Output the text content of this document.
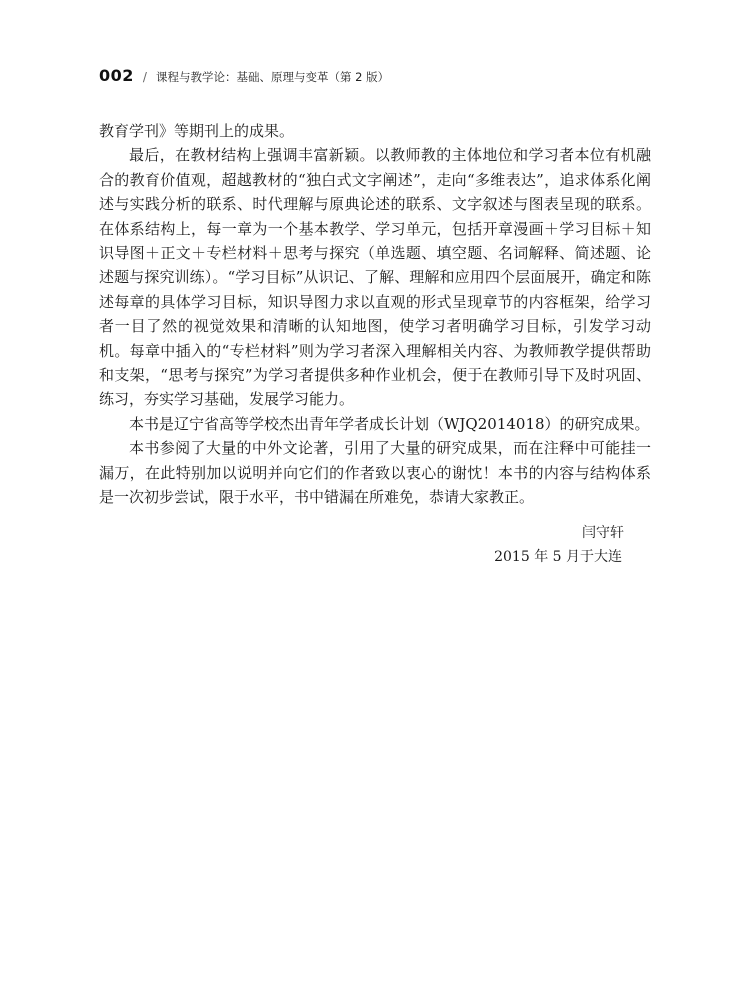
002 / 课程与教学论：基础、原理与变革（第 2 版）

教育学刊》等期刊上的成果。

最后，在教材结构上强调丰富新颖。以教师教的主体地位和学习者本位有机融合的教育价值观，超越教材的“独白式文字阐述”，走向“多维表达”，追求体系化阐述与实践分析的联系、时代理解与原典论述的联系、文字叙述与图表呈现的联系。在体系结构上，每一章为一个基本教学、学习单元，包括开章漫画＋学习目标＋知识导图＋正文＋专栏材料＋思考与探究（单选题、填空题、名词解释、简述题、论述题与探究训练）。“学习目标”从识记、了解、理解和应用四个层面展开，确定和陈述每章的具体学习目标，知识导图力求以直观的形式呈现章节的内容框架，给学习者一目了然的视觉效果和清晰的认知地图，使学习者明确学习目标，引发学习动机。每章中插入的“专栏材料”则为学习者深入理解相关内容、为教师教学提供帮助和支架，“思考与探究”为学习者提供多种作业机会，便于在教师引导下及时巩固、练习，夯实学习基础，发展学习能力。

本书是辽宁省高等学校杰出青年学者成长计划（WJQ2014018）的研究成果。

本书参阅了大量的中外文论著，引用了大量的研究成果，而在注释中可能挂一漏万，在此特别加以说明并向它们的作者致以衷心的谢忱！本书的内容与结构体系是一次初步尝试，限于水平，书中错漏在所难免，恭请大家教正。

闫守轩
2015 年 5 月于大连
